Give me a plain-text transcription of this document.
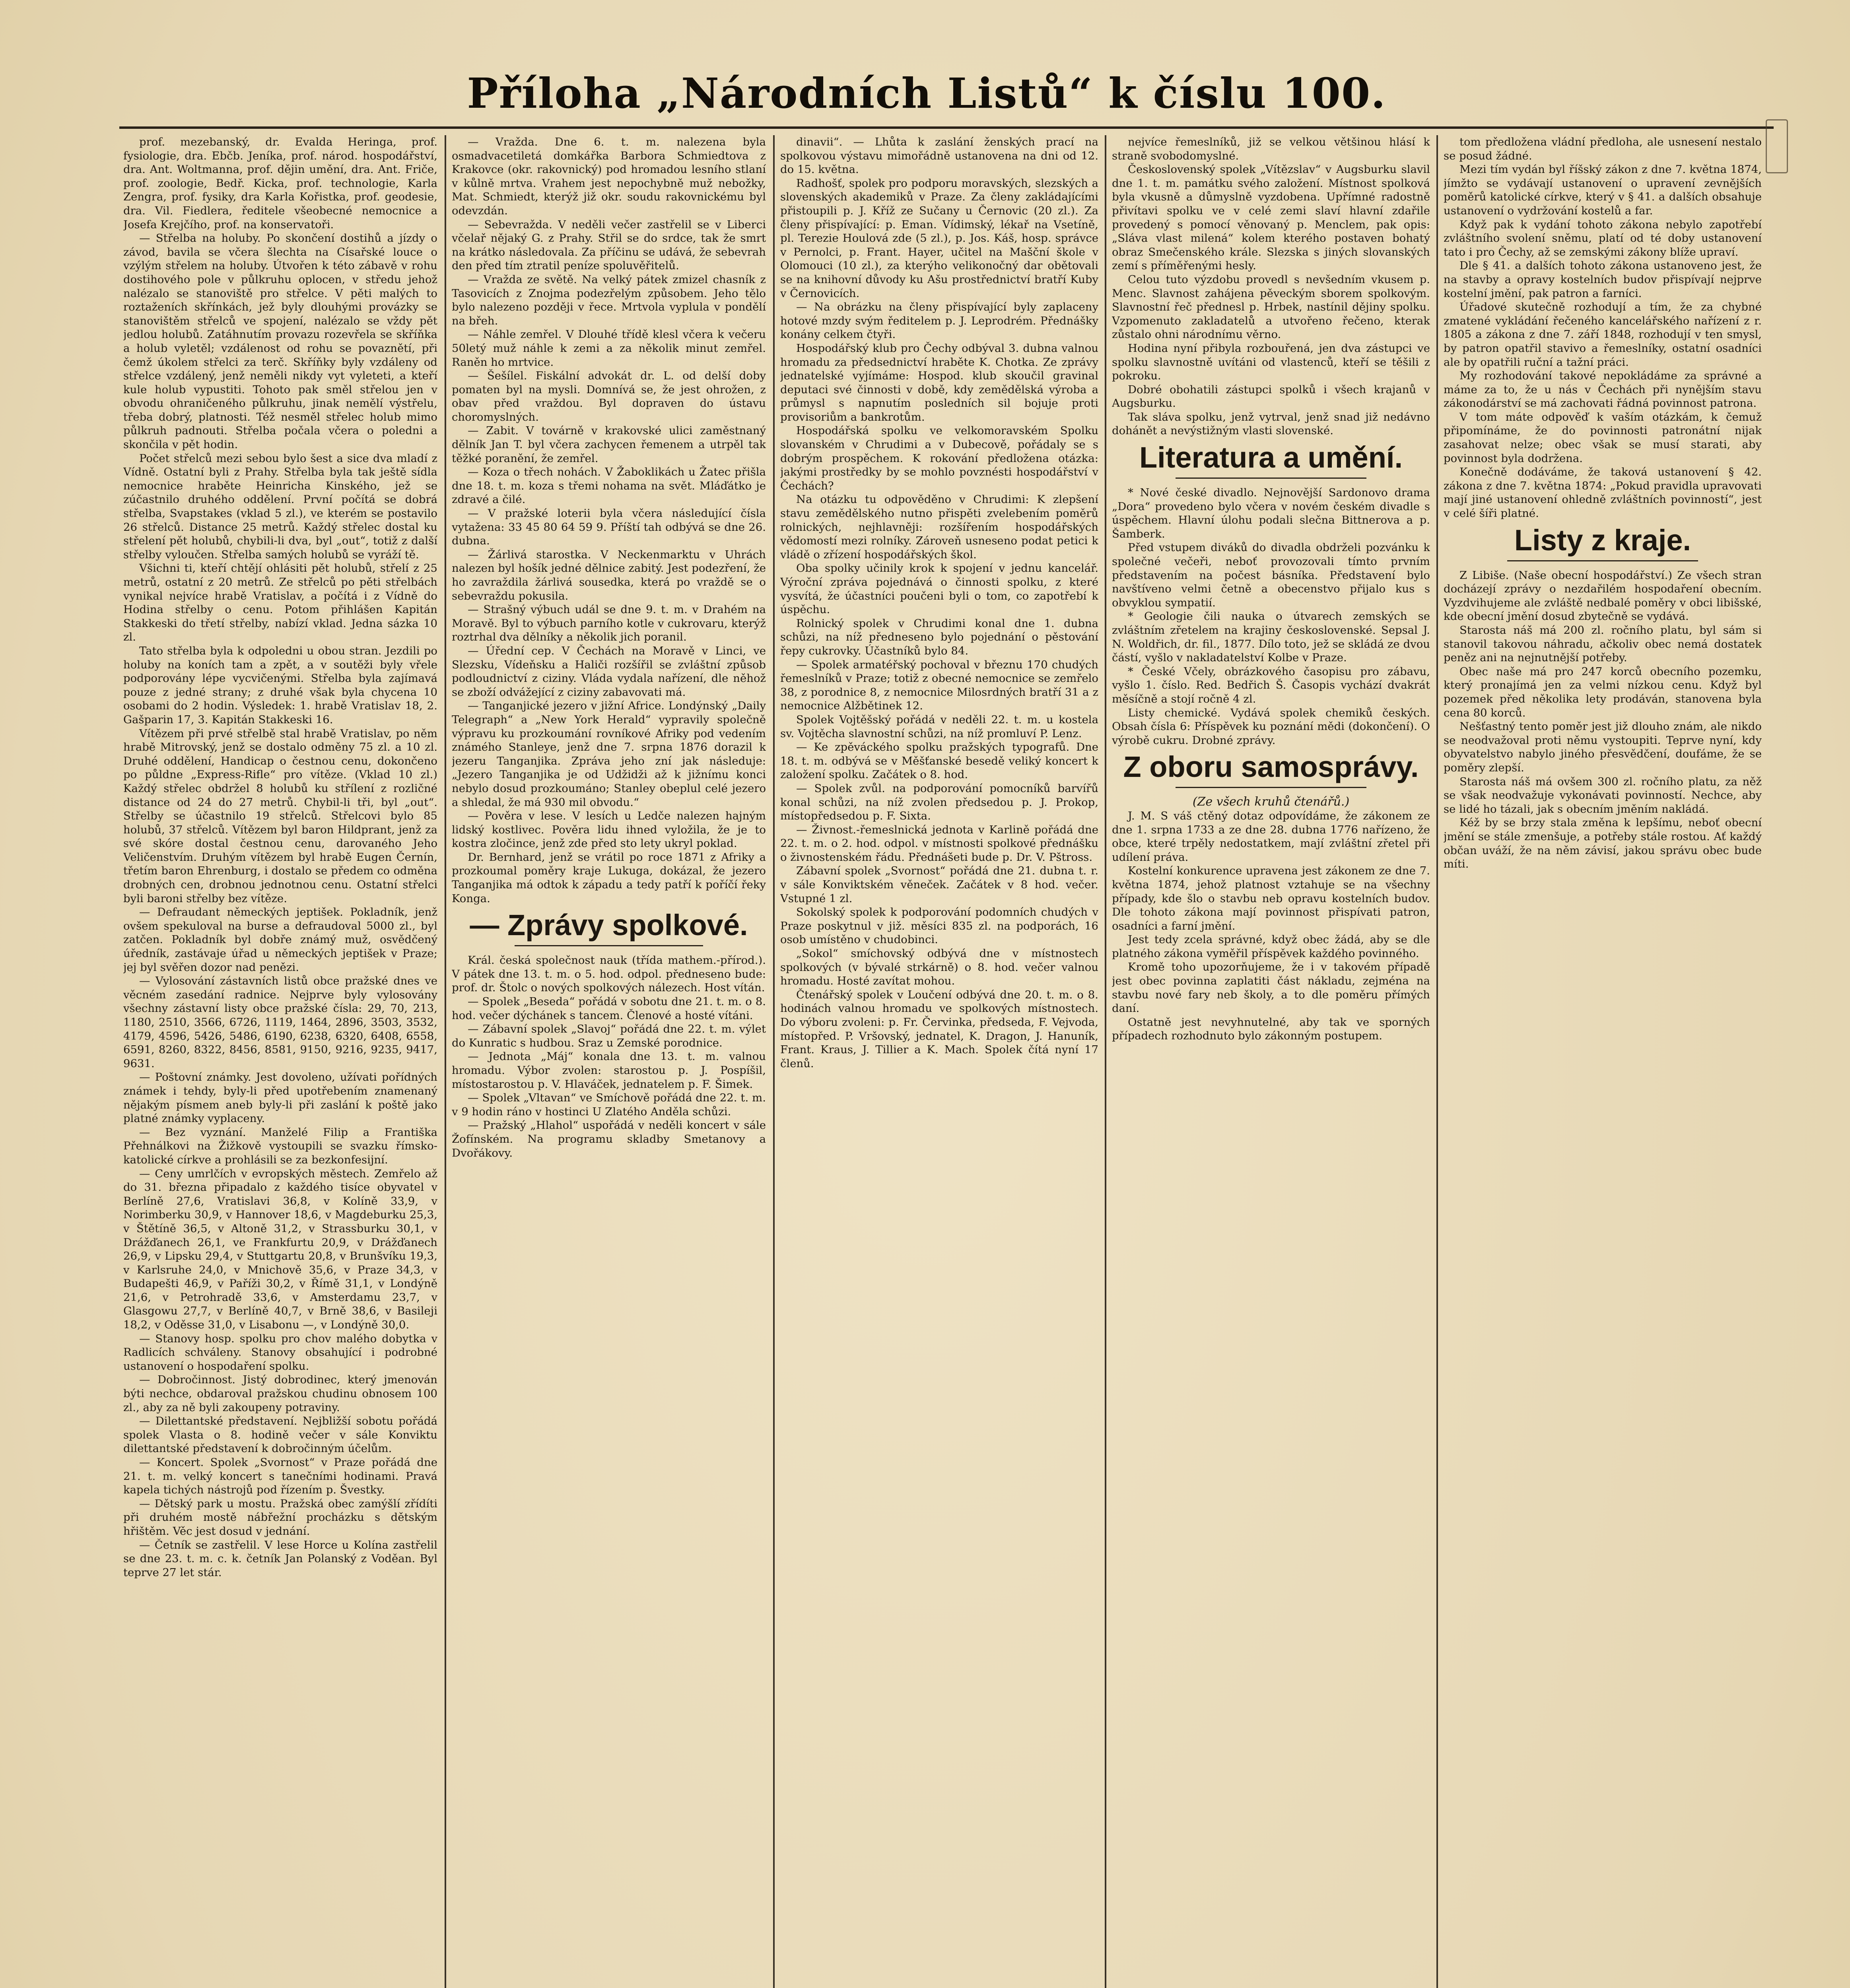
Příloha „Národních Listů“ k číslu 100.

prof. mezebanský, dr. Evalda Heringa, prof. fysiologie, dra. Ebčb. Jeníka, prof. národ. hospodářství, dra. Ant. Woltmanna, prof. dějin umění, dra. Ant. Friče, prof. zoologie, Bedř. Kicka, prof. technologie, Karla Zengra, prof. fysiky, dra Karla Kořistka, prof. geodesie, dra. Vil. Fiedlera, ředitele všeobecné nemocnice a Josefa Krejčího, prof. na konservatoři.

— Střelba na holuby. Po skončení dostihů a jízdy o závod, bavila se včera šlechta na Císařské louce o vzýlým střelem na holuby. Útvořen k této zábavě v rohu dostihového pole v půlkruhu oplocen, v středu jehož nalézalo se stanoviště pro střelce. V pěti malých to roztaženích skřínkách, jež byly dlouhými provázky se stanovištěm střelců ve spojení, nalézalo se vždy pět jedlou holubů. Zatáhnutím provazu rozevřela se skříňka a holub vyletěl; vzdálenost od rohu se povaznětí, při čemž úkolem střelci za terč. Skříňky byly vzdáleny od střelce vzdálený, jenž neměli nikdy vyt vyleteti, a kteří kule holub vypustiti. Tohoto pak směl střelou jen v obvodu ohraničeného půlkruhu, jinak nemělí výstřelu, třeba dobrý, platnosti. Též nesměl střelec holub mimo půlkruh padnouti. Střelba počala včera o poledni a skončila v pět hodin.

Počet střelců mezi sebou bylo šest a sice dva mladí z Vídně. Ostatní byli z Prahy. Střelba byla tak ještě sídla nemocnice hraběte Heinricha Kinského, jež se zúčastnilo druhého oddělení. První počítá se dobrá střelba, Svapstakes (vklad 5 zl.), ve kterém se postavilo 26 střelců. Distance 25 metrů. Každý střelec dostal ku střelení pět holubů, chybili-li dva, byl „out“, totiž z další střelby vyloučen. Střelba samých holubů se vyráží tě.

Všichni ti, kteří chtějí ohlásiti pět holubů, střelí z 25 metrů, ostatní z 20 metrů. Ze střelců po pěti střelbách vynikal nejvíce hrabě Vratislav, a počítá i z Vídně do Hodina střelby o cenu. Potom přihlášen Kapitán Stakkeski do třetí střelby, nabízí vklad. Jedna sázka 10 zl.

Tato střelba byla k odpoledni u obou stran. Jezdili po holuby na koních tam a zpět, a v soutěži byly vřele podporovány lépe vycvičenými. Střelba byla zajímavá pouze z jedné strany; z druhé však byla chycena 10 osobami do 2 hodin. Výsledek: 1. hrabě Vratislav 18, 2. Gašparin 17, 3. Kapitán Stakkeski 16.

Vítězem při prvé střelbě stal hrabě Vratislav, po něm hrabě Mitrovský, jenž se dostalo odměny 75 zl. a 10 zl. Druhé oddělení, Handicap o čestnou cenu, dokončeno po půldne „Express-Rifle“ pro vítěze. (Vklad 10 zl.) Každý střelec obdržel 8 holubů ku střílení z rozličné distance od 24 do 27 metrů. Chybil-li tři, byl „out“. Střelby se účastnilo 19 střelců. Střelcovi bylo 85 holubů, 37 střelců. Vítězem byl baron Hildprant, jenž za své skóre dostal čestnou cenu, darovaného Jeho Veličenstvím. Druhým vítězem byl hrabě Eugen Černín, třetím baron Ehrenburg, i dostalo se předem co odměna drobných cen, drobnou jednotnou cenu. Ostatní střelci byli baroni střelby bez vítěze.

— Defraudant německých jeptišek. Pokladník, jenž ovšem spekuloval na burse a defraudoval 5000 zl., byl zatčen. Pokladník byl dobře známý muž, osvědčený úředník, zastávaje úřad u německých jeptišek v Praze; jej byl svěřen dozor nad penězi.

— Vylosování zástavních listů obce pražské dnes ve věcném zasedání radnice. Nejprve byly vylosovány všechny zástavní listy obce pražské čísla: 29, 70, 213, 1180, 2510, 3566, 6726, 1119, 1464, 2896, 3503, 3532, 4179, 4596, 5426, 5486, 6190, 6238, 6320, 6408, 6558, 6591, 8260, 8322, 8456, 8581, 9150, 9216, 9235, 9417, 9631.

— Poštovní známky. Jest dovoleno, užívati pořídných známek i tehdy, byly-li před upotřebením znamenaný nějakým písmem aneb byly-li při zaslání k poště jako platné známky vyplaceny.

— Bez vyznání. Manželé Filip a Františka Přehnálkovi na Žižkově vystoupili se svazku římsko-katolické církve a prohlásili se za bezkonfesijní.

— Ceny umrlčích v evropských městech. Zemřelo až do 31. března připadalo z každého tisíce obyvatel v Berlíně 27,6, Vratislavi 36,8, v Kolíně 33,9, v Norimberku 30,9, v Hannover 18,6, v Magdeburku 25,3, v Štětíně 36,5, v Altoně 31,2, v Strassburku 30,1, v Drážďanech 26,1, ve Frankfurtu 20,9, v Drážďanech 26,9, v Lipsku 29,4, v Stuttgartu 20,8, v Brunšvíku 19,3, v Karlsruhe 24,0, v Mnichově 35,6, v Praze 34,3, v Budapešti 46,9, v Paříži 30,2, v Římě 31,1, v Londýně 21,6, v Petrohradě 33,6, v Amsterdamu 23,7, v Glasgowu 27,7, v Berlíně 40,7, v Brně 38,6, v Basileji 18,2, v Oděsse 31,0, v Lisabonu —, v Londýně 30,0.

— Stanovy hosp. spolku pro chov malého dobytka v Radlicích schváleny. Stanovy obsahující i podrobné ustanovení o hospodaření spolku.

— Dobročinnost. Jistý dobrodinec, který jmenován býti nechce, obdaroval pražskou chudinu obnosem 100 zl., aby za ně byli zakoupeny potraviny.

— Dilettantské představení. Nejbližší sobotu pořádá spolek Vlasta o 8. hodině večer v sále Konviktu dilettantské představení k dobročinným účelům.

— Koncert. Spolek „Svornost“ v Praze pořádá dne 21. t. m. velký koncert s tanečními hodinami. Pravá kapela tichých nástrojů pod řízením p. Švestky.

— Dětský park u mostu. Pražská obec zamýšlí zřídíti při druhém mostě nábřežní procházku s dětským hřištěm. Věc jest dosud v jednání.

— Četník se zastřelil. V lese Horce u Kolína zastřelil se dne 23. t. m. c. k. četník Jan Polanský z Voděan. Byl teprve 27 let stár.

— Vražda. Dne 6. t. m. nalezena byla osmadvacetiletá domkářka Barbora Schmiedtova z Krakovce (okr. rakovnický) pod hromadou lesního stlaní v kůlně mrtva. Vrahem jest nepochybně muž nebožky, Mat. Schmiedt, kterýž již okr. soudu rakovnickému byl odevzdán.

— Sebevražda. V neděli večer zastřelil se v Liberci včelař nějaký G. z Prahy. Střil se do srdce, tak že smrt na krátko následovala. Za příčinu se udává, že sebevrah den před tím ztratil peníze spoluvěřitelů.

— Vražda ze světě. Na velký pátek zmizel chasník z Tasovicích z Znojma podezřelým způsobem. Jeho tělo bylo nalezeno později v řece. Mrtvola vyplula v pondělí na břeh.

— Náhle zemřel. V Dlouhé třídě klesl včera k večeru 50letý muž náhle k zemi a za několik minut zemřel. Raněn ho mrtvice.

— Šešílel. Fiskální advokát dr. L. od delší doby pomaten byl na mysli. Domnívá se, že jest ohrožen, z obav před vraždou. Byl dopraven do ústavu choromyslných.

— Zabit. V továrně v krakovské ulici zaměstnaný dělník Jan T. byl včera zachycen řemenem a utrpěl tak těžké poranění, že zemřel.

— Koza o třech nohách. V Žaboklikách u Žatec přišla dne 18. t. m. koza s třemi nohama na svět. Mláďátko je zdravé a čilé.

— V pražské loterii byla včera následující čísla vytažena: 33 45 80 64 59 9. Příští tah odbývá se dne 26. dubna.

— Žárlivá starostka. V Neckenmarktu v Uhrách nalezen byl hošík jedné dělnice zabitý. Jest podezření, že ho zavraždila žárlivá sousedka, která po vraždě se o sebevraždu pokusila.

— Strašný výbuch udál se dne 9. t. m. v Drahém na Moravě. Byl to výbuch parního kotle v cukrovaru, kterýž roztrhal dva dělníky a několik jich poranil.

— Úřední cep. V Čechách na Moravě v Linci, ve Slezsku, Vídeňsku a Haliči rozšířil se zvláštní způsob podloudnictví z ciziny. Vláda vydala nařízení, dle něhož se zboží odvážející z ciziny zabavovati má.

— Tanganjické jezero v jižní Africe. Londýnský „Daily Telegraph“ a „New York Herald“ vypravily společně výpravu ku prozkoumání rovníkové Afriky pod vedením známého Stanleye, jenž dne 7. srpna 1876 dorazil k jezeru Tanganjika. Zpráva jeho zní jak následuje: „Jezero Tanganjika je od Udžidži až k jižnímu konci nebylo dosud prozkoumáno; Stanley obeplul celé jezero a shledal, že má 930 mil obvodu.“

— Pověra v lese. V lesích u Ledče nalezen hajným lidský kostlivec. Pověra lidu ihned vyložila, že je to kostra zločince, jenž zde před sto lety ukryl poklad.

Dr. Bernhard, jenž se vrátil po roce 1871 z Afriky a prozkoumal poměry kraje Lukuga, dokázal, že jezero Tanganjika má odtok k západu a tedy patří k poříčí řeky Konga.

— Zprávy spolkové.

Král. česká společnost nauk (třída mathem.-přírod.). V pátek dne 13. t. m. o 5. hod. odpol. předneseno bude: prof. dr. Štolc o nových spolkových nálezech. Host vítán.

— Spolek „Beseda“ pořádá v sobotu dne 21. t. m. o 8. hod. večer dýchánek s tancem. Členové a hosté vítáni.

— Zábavní spolek „Slavoj“ pořádá dne 22. t. m. výlet do Kunratic s hudbou. Sraz u Zemské porodnice.

— Jednota „Máj“ konala dne 13. t. m. valnou hromadu. Výbor zvolen: starostou p. J. Pospíšil, místostarostou p. V. Hlaváček, jednatelem p. F. Šimek.

— Spolek „Vltavan“ ve Smíchově pořádá dne 22. t. m. v 9 hodin ráno v hostinci U Zlatého Anděla schůzi.

— Pražský „Hlahol“ uspořádá v neděli koncert v sále Žofínském. Na programu skladby Smetanovy a Dvořákovy.

dinavii“. — Lhůta k zaslání ženských prací na spolkovou výstavu mimořádně ustanovena na dni od 12. do 15. května.

Radhošť, spolek pro podporu moravských, slezských a slovenských akademiků v Praze. Za členy zakládajícími přistoupili p. J. Kříž ze Sučany u Černovic (20 zl.). Za členy přispívající: p. Eman. Vídimský, lékař na Vsetíně, pl. Terezie Houlová zde (5 zl.), p. Jos. Káš, hosp. správce v Pernolci, p. Frant. Hayer, učitel na Mašční škole v Olomouci (10 zl.), za kterýho velikonočný dar obětovali se na knihovní důvody ku Ašu prostřednictví bratří Kuby v Černovicích.

— Na obrázku na členy přispívající byly zaplaceny hotové mzdy svým ředitelem p. J. Leprodrém. Přednášky konány celkem čtyři.

Hospodářský klub pro Čechy odbýval 3. dubna valnou hromadu za předsednictví hraběte K. Chotka. Ze zprávy jednatelské vyjímáme: Hospod. klub skoučil gravinal deputaci své činnosti v době, kdy zemědělská výroba a průmysl s napnutím posledních sil bojuje proti provisoriům a bankrotům.

Hospodářská spolku ve velkomoravském Spolku slovanském v Chrudimi a v Dubecově, pořádaly se s dobrým prospěchem. K rokování předložena otázka: jakými prostředky by se mohlo povznésti hospodářství v Čechách?

Na otázku tu odpověděno v Chrudimi: K zlepšení stavu zemědělského nutno přispěti zvelebením poměrů rolnických, nejhlavněji: rozšířením hospodářských vědomostí mezi rolníky. Zároveň usneseno podat petici k vládě o zřízení hospodářských škol.

Oba spolky učinily krok k spojení v jednu kancelář. Výroční zpráva pojednává o činnosti spolku, z které vysvítá, že účastníci poučeni byli o tom, co zapotřebí k úspěchu.

Rolnický spolek v Chrudimi konal dne 1. dubna schůzi, na níž předneseno bylo pojednání o pěstování řepy cukrovky. Účastníků bylo 84.

— Spolek armatéřský pochoval v březnu 170 chudých řemeslníků v Praze; totiž z obecné nemocnice se zemřelo 38, z porodnice 8, z nemocnice Milosrdných bratří 31 a z nemocnice Alžbětinek 12.

Spolek Vojtěšský pořádá v neděli 22. t. m. u kostela sv. Vojtěcha slavnostní schůzi, na níž promluví P. Lenz.

— Ke zpěváckého spolku pražských typografů. Dne 18. t. m. odbývá se v Měšťanské besedě veliký koncert k založení spolku. Začátek o 8. hod.

— Spolek zvůl. na podporování pomocníků barvířů konal schůzi, na níž zvolen předsedou p. J. Prokop, místopředsedou p. F. Sixta.

— Živnost.-řemeslnická jednota v Karlině pořádá dne 22. t. m. o 2. hod. odpol. v místnosti spolkové přednášku o živnostenském řádu. Přednášeti bude p. Dr. V. Pštross.

Zábavní spolek „Svornost“ pořádá dne 21. dubna t. r. v sále Konviktském věneček. Začátek v 8 hod. večer. Vstupné 1 zl.

Sokolský spolek k podporování podomních chudých v Praze poskytnul v již. měsíci 835 zl. na podporách, 16 osob umístěno v chudobinci.

„Sokol“ smíchovský odbývá dne v místnostech spolkových (v bývalé strkárně) o 8. hod. večer valnou hromadu. Hosté zavítat mohou.

Čtenářský spolek v Loučení odbývá dne 20. t. m. o 8. hodinách valnou hromadu ve spolkových místnostech. Do výboru zvoleni: p. Fr. Červinka, předseda, F. Vejvoda, místopřed. P. Vršovský, jednatel, K. Dragon, J. Hanuník, Frant. Kraus, J. Tillier a K. Mach. Spolek čítá nyní 17 členů.

nejvíce řemeslníků, již se velkou většinou hlásí k straně svobodomyslné.

Československý spolek „Vítězslav“ v Augsburku slavil dne 1. t. m. památku svého založení. Místnost spolková byla vkusně a důmyslně vyzdobena. Upřímné radostně přivítavi spolku ve v celé zemi slaví hlavní zdařile provedený s pomocí věnovaný p. Menclem, pak opis: „Sláva vlast milená“ kolem kterého postaven bohatý obraz Smečenského krále. Slezska s jiných slovanských zemí s příměřenými hesly.

Celou tuto výzdobu provedl s nevšedním vkusem p. Menc. Slavnost zahájena pěveckým sborem spolkovým. Slavnostní řeč přednesl p. Hrbek, nastínil dějiny spolku. Vzpomenuto zakladatelů a utvořeno řečeno, kterak zůstalo ohni národnímu věrno.

Hodina nyní přibyla rozbouřená, jen dva zástupci ve spolku slavnostně uvítáni od vlastenců, kteří se těšili z pokroku.

Dobré obohatili zástupci spolků i všech krajanů v Augsburku.

Tak sláva spolku, jenž vytrval, jenž snad již nedávno dohánět a nevýstižným vlasti slovenské.

Literatura a umění.

* Nové české divadlo. Nejnovější Sardonovo drama „Dora“ provedeno bylo včera v novém českém divadle s úspěchem. Hlavní úlohu podali slečna Bittnerova a p. Šamberk.

Před vstupem diváků do divadla obdrželi pozvánku k společné večeři, neboť provozovali tímto prvním představením na počest básníka. Představení bylo navštíveno velmi četně a obecenstvo přijalo kus s obvyklou sympatií.

* Geologie čili nauka o útvarech zemských se zvláštním zřetelem na krajiny československé. Sepsal J. N. Woldřich, dr. fil., 1877. Dílo toto, jež se skládá ze dvou částí, vyšlo v nakladatelství Kolbe v Praze.

* České Včely, obrázkového časopisu pro zábavu, vyšlo 1. číslo. Red. Bedřich Š. Časopis vychází dvakrát měsíčně a stojí ročně 4 zl.

Listy chemické. Vydává spolek chemiků českých. Obsah čísla 6: Příspěvek ku poznání mědi (dokončení). O výrobě cukru. Drobné zprávy.

Z oboru samosprávy.

(Ze všech kruhů čtenářů.)

J. M. S váš ctěný dotaz odpovídáme, že zákonem ze dne 1. srpna 1733 a ze dne 28. dubna 1776 nařízeno, že obce, které trpěly nedostatkem, mají zvláštní zřetel při udílení práva.

Kostelní konkurence upravena jest zákonem ze dne 7. května 1874, jehož platnost vztahuje se na všechny případy, kde šlo o stavbu neb opravu kostelních budov. Dle tohoto zákona mají povinnost přispívati patron, osadníci a farní jmění.

Jest tedy zcela správné, když obec žádá, aby se dle platného zákona vyměřil příspěvek každého povinného.

Kromě toho upozorňujeme, že i v takovém případě jest obec povinna zaplatiti část nákladu, zejména na stavbu nové fary neb školy, a to dle poměru přímých daní.

Ostatně jest nevyhnutelné, aby tak ve sporných případech rozhodnuto bylo zákonným postupem.

tom předložena vládní předloha, ale usnesení nestalo se posud žádné.

Mezi tím vydán byl říšský zákon z dne 7. května 1874, jímžto se vydávají ustanovení o upravení zevnějších poměrů katolické církve, který v § 41. a dalších obsahuje ustanovení o vydržování kostelů a far.

Když pak k vydání tohoto zákona nebylo zapotřebí zvláštního svolení sněmu, platí od té doby ustanovení tato i pro Čechy, až se zemskými zákony blíže upraví.

Dle § 41. a dalších tohoto zákona ustanoveno jest, že na stavby a opravy kostelních budov přispívají nejprve kostelní jmění, pak patron a farníci.

Úřadové skutečně rozhodují a tím, že za chybné zmatené vykládání řečeného kancelářského nařízení z r. 1805 a zákona z dne 7. září 1848, rozhodují v ten smysl, by patron opatřil stavivo a řemeslníky, ostatní osadníci ale by opatřili ruční a tažní práci.

My rozhodování takové nepokládáme za správné a máme za to, že u nás v Čechách při nynějším stavu zákonodárství se má zachovati řádná povinnost patrona.

V tom máte odpověď k vaším otázkám, k čemuž připomínáme, že do povinnosti patronátní nijak zasahovat nelze; obec však se musí starati, aby povinnost byla dodržena.

Konečně dodáváme, že taková ustanovení § 42. zákona z dne 7. května 1874: „Pokud pravidla upravovati mají jiné ustanovení ohledně zvláštních povinností“, jest v celé šíři platné.

Listy z kraje.

Z Libiše. (Naše obecní hospodářství.) Ze všech stran docházejí zprávy o nezdařilém hospodaření obecním. Vyzdvihujeme ale zvláště nedbalé poměry v obci libišské, kde obecní jmění dosud zbytečně se vydává.

Starosta náš má 200 zl. ročního platu, byl sám si stanovil takovou náhradu, ačkoliv obec nemá dostatek peněz ani na nejnutnější potřeby.

Obec naše má pro 247 korců obecního pozemku, který pronajímá jen za velmi nízkou cenu. Když byl pozemek před několika lety prodáván, stanovena byla cena 80 korců.

Nešťastný tento poměr jest již dlouho znám, ale nikdo se neodvažoval proti němu vystoupiti. Teprve nyní, kdy obyvatelstvo nabylo jiného přesvědčení, doufáme, že se poměry zlepší.

Starosta náš má ovšem 300 zl. ročního platu, za něž se však neodvažuje vykonávati povinností. Nechce, aby se lidé ho tázali, jak s obecním jměním nakládá.

Kéž by se brzy stala změna k lepšímu, neboť obecní jmění se stále zmenšuje, a potřeby stále rostou. Ať každý občan uváží, že na něm závisí, jakou správu obec bude míti.
